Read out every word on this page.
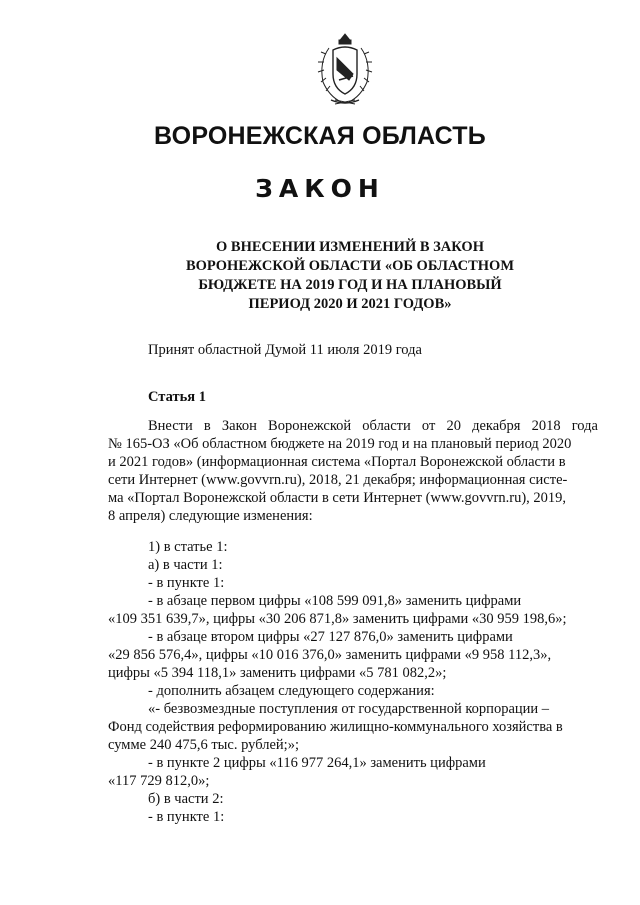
ВОРОНЕЖСКАЯ ОБЛАСТЬ
ЗАКОН
О ВНЕСЕНИИ ИЗМЕНЕНИЙ В ЗАКОН
ВОРОНЕЖСКОЙ ОБЛАСТИ «ОБ ОБЛАСТНОМ
БЮДЖЕТЕ НА 2019 ГОД И НА ПЛАНОВЫЙ
ПЕРИОД 2020 И 2021 ГОДОВ»
Принят областной Думой 11 июля 2019 года
Статья 1
Внести в Закон Воронежской области от 20 декабря 2018 года
№ 165-ОЗ «Об областном бюджете на 2019 год и на плановый период 2020
и 2021 годов» (информационная система «Портал Воронежской области в
сети Интернет (www.govvrn.ru), 2018, 21 декабря; информационная систе-
ма «Портал Воронежской области в сети Интернет (www.govvrn.ru), 2019,
8 апреля) следующие изменения:
1) в статье 1:
а) в части 1:
- в пункте 1:
- в абзаце первом цифры «108 599 091,8» заменить цифрами
«109 351 639,7», цифры «30 206 871,8» заменить цифрами «30 959 198,6»;
- в абзаце втором цифры «27 127 876,0» заменить цифрами
«29 856 576,4», цифры «10 016 376,0» заменить цифрами «9 958 112,3»,
цифры «5 394 118,1» заменить цифрами «5 781 082,2»;
- дополнить абзацем следующего содержания:
«- безвозмездные поступления от государственной корпорации –
Фонд содействия реформированию жилищно-коммунального хозяйства в
сумме 240 475,6 тыс. рублей;»;
- в пункте 2 цифры «116 977 264,1» заменить цифрами
«117 729 812,0»;
б) в части 2:
- в пункте 1:
